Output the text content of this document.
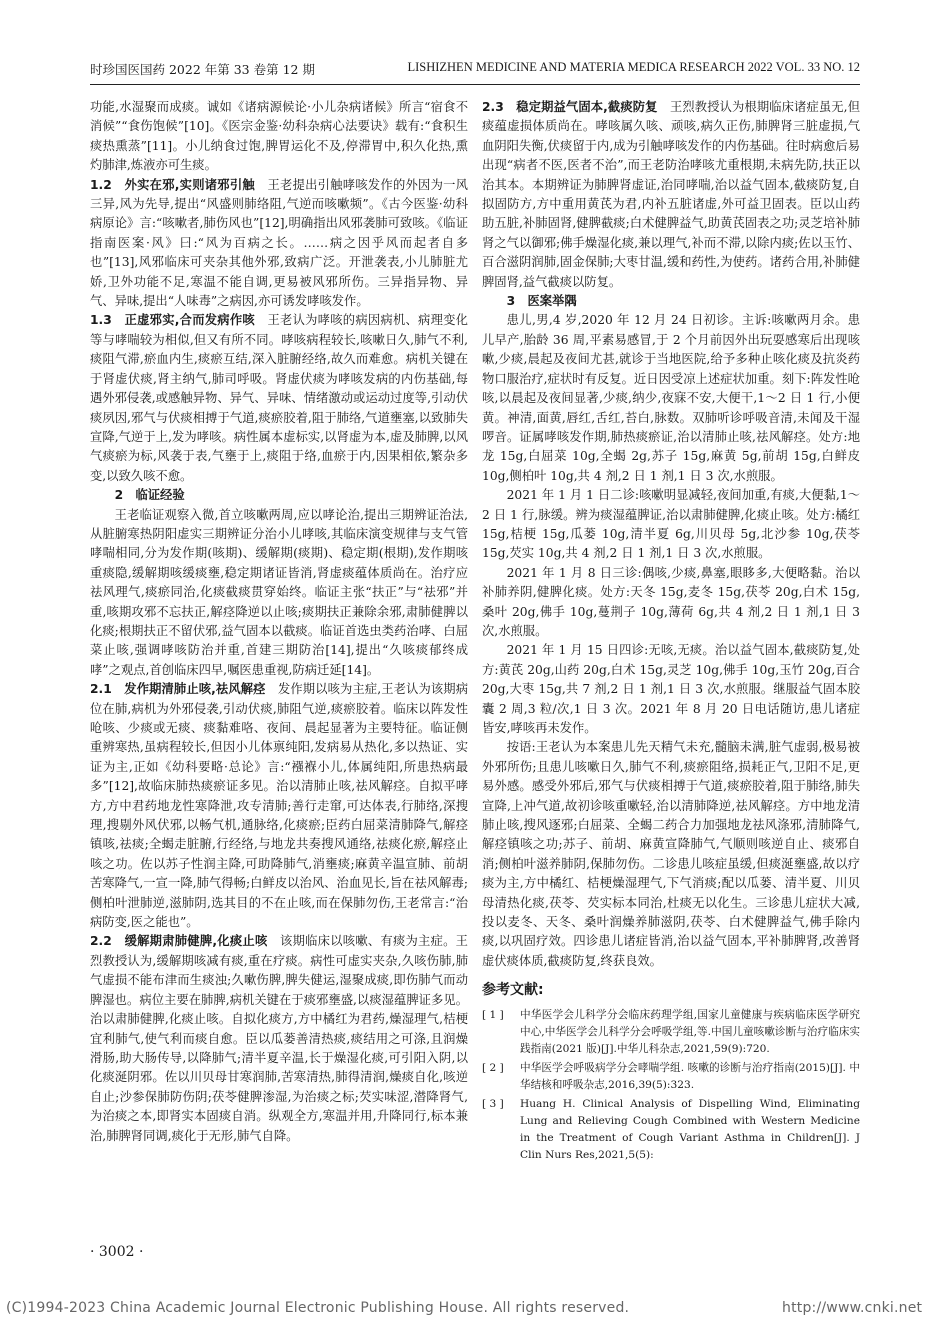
时珍国医国药 2022 年第 33 卷第 12 期	LISHIZHEN MEDICINE AND MATERIA MEDICA RESEARCH 2022 VOL. 33 NO. 12

功能,水湿聚而成痰。诚如《诸病源候论·小儿杂病诸候》所言“宿食不消候”“食伤饱候”[10]。《医宗金鉴·幼科杂病心法要诀》载有:“食积生痰热熏蒸”[11]。小儿纳食过饱,脾胃运化不及,停滞胃中,积久化热,熏灼肺津,炼液亦可生痰。

1.2　外实在邪,实则诸邪引触　 王老提出引触哮咳发作的外因为一风三异,风为先导,提出“风盛则肺络阻,气逆而咳嗽频”。《古今医鉴·幼科病原论》言:“咳嗽者,肺伤风也”[12],明确指出风邪袭肺可致咳。《临证指南医案·风》曰:“风为百病之长。……病之因乎风而起者自多也”[13],风邪临床可夹杂其他外邪,致病广泛。开泄袭表,小儿肺脏尤娇,卫外功能不足,寒温不能自调,更易被风邪所伤。三异指异物、异气、异味,提出“人味毒”之病因,亦可诱发哮咳发作。

1.3　正虚邪实,合而发病作咳　 王老认为哮咳的病因病机、病理变化等与哮喘较为相似,但又有所不同。哮咳病程较长,咳嗽日久,肺气不利,痰阻气滞,瘀血内生,痰瘀互结,深入脏腑经络,故久而难愈。病机关键在于肾虚伏痰,肾主纳气,肺司呼吸。肾虚伏痰为哮咳发病的内伤基础,每遇外邪侵袭,或感触异物、异气、异味、情绪激动或运动过度等,引动伏痰夙因,邪气与伏痰相搏于气道,痰瘀胶着,阻于肺络,气道壅塞,以致肺失宣降,气逆于上,发为哮咳。病性属本虚标实,以肾虚为本,虚及肺脾,以风气痰瘀为标,风袭于表,气壅于上,痰阻于络,血瘀于内,因果相依,繁杂多变,以致久咳不愈。

2　临证经验

王老临证观察入微,首立咳嗽两周,应以哮论治,提出三期辨证治法,从脏腑寒热阴阳虚实三期辨证分治小儿哮咳,其临床演变规律与支气管哮喘相同,分为发作期(咳期)、缓解期(痰期)、稳定期(根期),发作期咳重痰隐,缓解期咳缓痰壅,稳定期诸证皆消,肾虚痰蕴体质尚在。治疗应祛风理气,痰瘀同治,化痰截痰贯穿始终。临证主张“扶正”与“祛邪”并重,咳期攻邪不忘扶正,解痉降逆以止咳;痰期扶正兼除余邪,肃肺健脾以化痰;根期扶正不留伏邪,益气固本以截痰。临证首选虫类药治哮、白屈菜止咳,强调哮咳防治并重,首建三期防治[14],提出“久咳痰郁终成哮”之观点,首创临床四早,嘱医患重视,防病迁延[14]。

2.1　发作期清肺止咳,祛风解痉　 发作期以咳为主症,王老认为该期病位在肺,病机为外邪侵袭,引动伏痰,肺阻气逆,痰瘀胶着。临床以阵发性呛咳、少痰或无痰、痰黏难咯、夜间、晨起显著为主要特征。临证侧重辨寒热,虽病程较长,但因小儿体禀纯阳,发病易从热化,多以热证、实证为主,正如《幼科要略·总论》言:“襁褓小儿,体属纯阳,所患热病最多”[12],故临床肺热痰瘀证多见。治以清肺止咳,祛风解痉。自拟平哮方,方中君药地龙性寒降泄,攻专清肺;善行走窜,可达体表,行肺络,深搜理,搜剔外风伏邪,以畅气机,通脉络,化痰瘀;臣药白屈菜清肺降气,解痉镇咳,祛痰;全蝎走脏腑,行经络,与地龙共奏搜风通络,祛痰化瘀,解痉止咳之功。佐以苏子性润主降,可助降肺气,消壅痰;麻黄辛温宣肺、前胡苦寒降气,一宣一降,肺气得畅;白鲜皮以治风、治血见长,旨在祛风解毒;侧柏叶泄肺逆,滋肺阴,选其目的不在止咳,而在保肺勿伤,王老常言:“治病防变,医之能也”。

2.2　缓解期肃肺健脾,化痰止咳　 该期临床以咳嗽、有痰为主症。王烈教授认为,缓解期咳减有痰,重在疗痰。病性可虚实夹杂,久咳伤肺,肺气虚损不能布津而生痰浊;久嗽伤脾,脾失健运,湿聚成痰,即伤肺气而动脾湿也。病位主要在肺脾,病机关键在于痰邪壅盛,以痰湿蕴脾证多见。治以肃肺健脾,化痰止咳。自拟化痰方,方中橘红为君药,燥湿理气,桔梗宜利肺气,使气利而痰自愈。臣以瓜蒌善清热痰,痰结用之可涤,且润燥滑肠,助大肠传导,以降肺气;清半夏辛温,长于燥湿化痰,可引阳入阴,以化痰涎阴邪。佐以川贝母甘寒润肺,苦寒清热,肺得清润,燥痰自化,咳逆自止;沙参保肺防伤阴;茯苓健脾渗湿,为治痰之标;芡实味涩,潜降肾气,为治痰之本,即肾实本固痰自消。纵观全方,寒温并用,升降同行,标本兼治,肺脾肾同调,痰化于无形,肺气自降。

2.3　稳定期益气固本,截痰防复　 王烈教授认为根期临床诸症虽无,但痰蕴虚损体质尚在。哮咳属久咳、顽咳,病久正伤,肺脾肾三脏虚损,气血阴阳失衡,伏痰留于内,成为引触哮咳发作的内伤基础。往时病愈后易出现“病者不医,医者不治”,而王老防治哮咳尤重根期,未病先防,扶正以治其本。本期辨证为肺脾肾虚证,治同哮喘,治以益气固本,截痰防复,自拟固防方,方中重用黄芪为君,内补五脏诸虚,外可益卫固表。臣以山药助五脏,补肺固肾,健脾截痰;白术健脾益气,助黄芪固表之功;灵芝培补肺肾之气以御邪;佛手燥湿化痰,兼以理气,补而不滞,以除内痰;佐以玉竹、百合滋阴润肺,固金保肺;大枣甘温,缓和药性,为使药。诸药合用,补肺健脾固肾,益气截痰以防复。

3　医案举隅

患儿,男,4 岁,2020 年 12 月 24 日初诊。主诉:咳嗽两月余。患儿早产,胎龄 36 周,平素易感冒,于 2 个月前因外出玩耍感寒后出现咳嗽,少痰,晨起及夜间尤甚,就诊于当地医院,给予多种止咳化痰及抗炎药物口服治疗,症状时有反复。近日因受凉上述症状加重。刻下:阵发性呛咳,以晨起及夜间显著,少痰,纳少,夜寐不安,大便干,1～2 日 1 行,小便黄。神清,面黄,唇红,舌红,苔白,脉数。双肺听诊呼吸音清,未闻及干湿啰音。证属哮咳发作期,肺热痰瘀证,治以清肺止咳,祛风解痉。处方:地龙 15g,白屈菜 10g,全蝎 2g,苏子 15g,麻黄 5g,前胡 15g,白鲜皮 10g,侧柏叶 10g,共 4 剂,2 日 1 剂,1 日 3 次,水煎服。

2021 年 1 月 1 日二诊:咳嗽明显减轻,夜间加重,有痰,大便黏,1～2 日 1 行,脉缓。辨为痰湿蕴脾证,治以肃肺健脾,化痰止咳。处方:橘红 15g,桔梗 15g,瓜蒌 10g,清半夏 6g,川贝母 5g,北沙参 10g,茯苓 15g,芡实 10g,共 4 剂,2 日 1 剂,1 日 3 次,水煎服。

2021 年 1 月 8 日三诊:偶咳,少痰,鼻塞,眼眵多,大便略黏。治以补肺养阴,健脾化痰。处方:天冬 15g,麦冬 15g,茯苓 20g,白术 15g,桑叶 20g,佛手 10g,蔓荆子 10g,薄荷 6g,共 4 剂,2 日 1 剂,1 日 3 次,水煎服。

2021 年 1 月 15 日四诊:无咳,无痰。治以益气固本,截痰防复,处方:黄芪 20g,山药 20g,白术 15g,灵芝 10g,佛手 10g,玉竹 20g,百合 20g,大枣 15g,共 7 剂,2 日 1 剂,1 日 3 次,水煎服。继服益气固本胶囊 2 周,3 粒/次,1 日 3 次。2021 年 8 月 20 日电话随访,患儿诸症皆安,哮咳再未发作。

按语:王老认为本案患儿先天精气未充,髓脑未满,脏气虚弱,极易被外邪所伤;且患儿咳嗽日久,肺气不利,痰瘀阻络,损耗正气,卫阳不足,更易外感。感受外邪后,邪气与伏痰相搏于气道,痰瘀胶着,阻于肺络,肺失宣降,上冲气道,故初诊咳重嗽轻,治以清肺降逆,祛风解痉。方中地龙清肺止咳,搜风逐邪;白屈菜、全蝎二药合力加强地龙祛风涤邪,清肺降气,解痉镇咳之功;苏子、前胡、麻黄宣降肺气,气顺则咳逆自止、痰邪自消;侧柏叶滋养肺阴,保肺勿伤。二诊患儿咳症虽缓,但痰涎壅盛,故以疗痰为主,方中橘红、桔梗燥湿理气,下气消痰;配以瓜蒌、清半夏、川贝母清热化痰,茯苓、芡实标本同治,杜痰无以化生。三诊患儿症状大减,投以麦冬、天冬、桑叶润燥养肺滋阴,茯苓、白术健脾益气,佛手除内痰,以巩固疗效。四诊患儿诸症皆消,治以益气固本,平补肺脾肾,改善肾虚伏痰体质,截痰防复,终获良效。

参考文献:
[ 1 ]	中华医学会儿科学分会临床药理学组,国家儿童健康与疾病临床医学研究中心,中华医学会儿科学分会呼吸学组,等.中国儿童咳嗽诊断与治疗临床实践指南(2021 版)[J].中华儿科杂志,2021,59(9):720.
[ 2 ]	中华医学会呼吸病学分会哮喘学组. 咳嗽的诊断与治疗指南(2015)[J]. 中华结核和呼吸杂志,2016,39(5):323.
[ 3 ]	Huang H. Clinical Analysis of Dispelling Wind, Eliminating Lung and Relieving Cough Combined with Western Medicine in the Treatment of Cough Variant Asthma in Children[J]. J Clin Nurs Res,2021,5(5):
· 3002 ·
(C)1994-2023 China Academic Journal Electronic Publishing House. All rights reserved.	http://www.cnki.net
